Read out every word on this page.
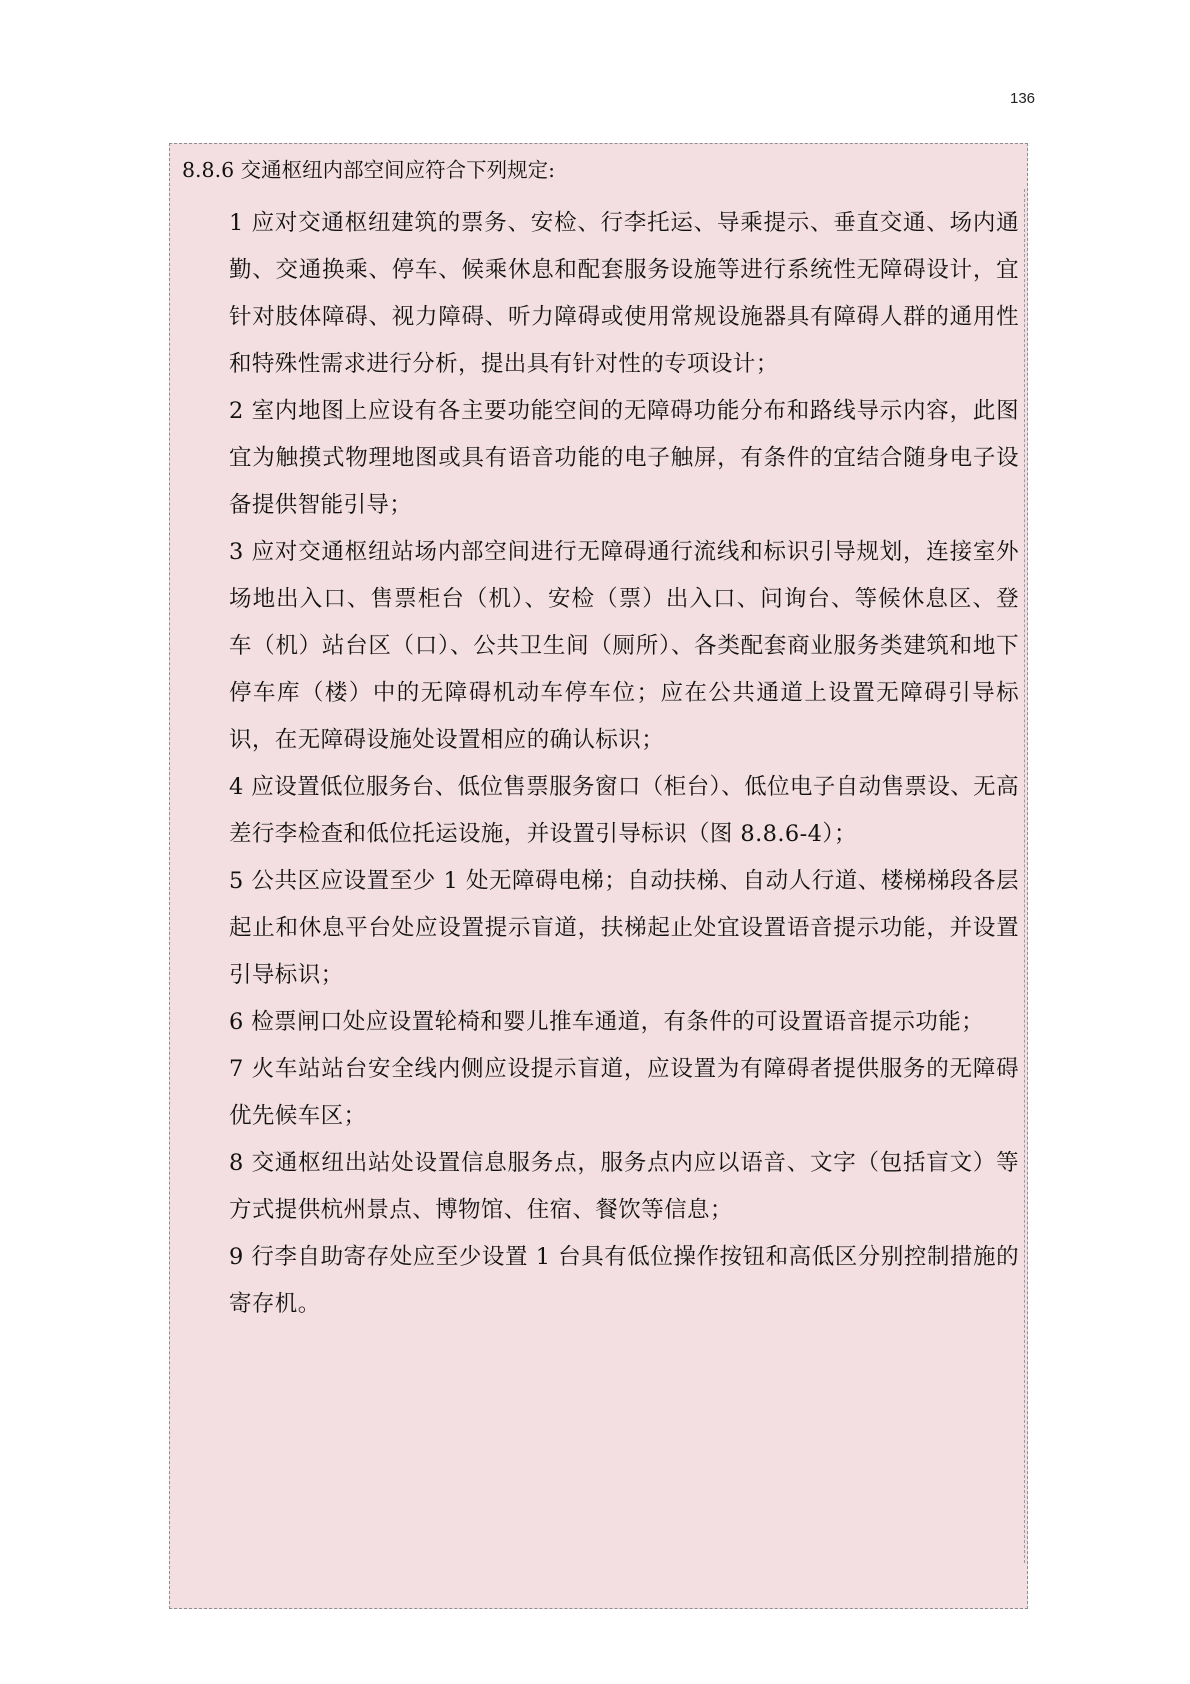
136
8.8.6 交通枢纽内部空间应符合下列规定:

1 应对交通枢纽建筑的票务、安检、行李托运、导乘提示、垂直交通、场内通勤、交通换乘、停车、候乘休息和配套服务设施等进行系统性无障碍设计，宜针对肢体障碍、视力障碍、听力障碍或使用常规设施器具有障碍人群的通用性和特殊性需求进行分析，提出具有针对性的专项设计；

2 室内地图上应设有各主要功能空间的无障碍功能分布和路线导示内容，此图宜为触摸式物理地图或具有语音功能的电子触屏，有条件的宜结合随身电子设备提供智能引导；

3 应对交通枢纽站场内部空间进行无障碍通行流线和标识引导规划，连接室外场地出入口、售票柜台（机）、安检（票）出入口、问询台、等候休息区、登车（机）站台区（口）、公共卫生间（厕所）、各类配套商业服务类建筑和地下停车库（楼）中的无障碍机动车停车位；应在公共通道上设置无障碍引导标识，在无障碍设施处设置相应的确认标识；

4 应设置低位服务台、低位售票服务窗口（柜台）、低位电子自动售票设、无高差行李检查和低位托运设施，并设置引导标识（图 8.8.6-4）；

5 公共区应设置至少 1 处无障碍电梯；自动扶梯、自动人行道、楼梯梯段各层起止和休息平台处应设置提示盲道，扶梯起止处宜设置语音提示功能，并设置引导标识；

6 检票闸口处应设置轮椅和婴儿推车通道，有条件的可设置语音提示功能；

7 火车站站台安全线内侧应设提示盲道，应设置为有障碍者提供服务的无障碍优先候车区；

8 交通枢纽出站处设置信息服务点，服务点内应以语音、文字（包括盲文）等方式提供杭州景点、博物馆、住宿、餐饮等信息；

9 行李自助寄存处应至少设置 1 台具有低位操作按钮和高低区分别控制措施的寄存机。
